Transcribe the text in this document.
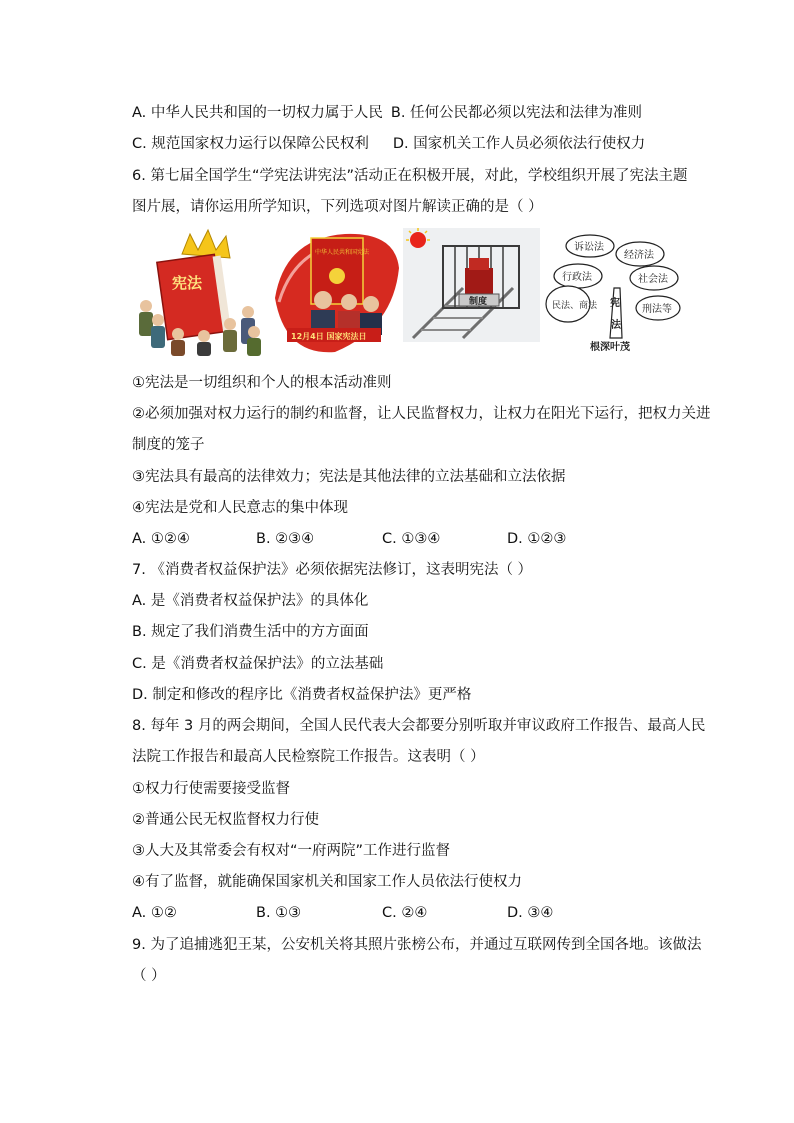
A. 中华人民共和国的一切权力属于人民 B. 任何公民都必须以宪法和法律为准则
C. 规范国家权力运行以保障公民权利 D. 国家机关工作人员必须依法行使权力
6. 第七届全国学生“学宪法讲宪法”活动正在积极开展，对此，学校组织开展了宪法主题
图片展，请你运用所学知识，下列选项对图片解读正确的是（ ）
宪法
中华人民共和国宪法
12月4日 国家宪法日
制度
诉讼法
经济法
行政法	社会法
民法、商法	刑法等
宪
法
根深叶茂
①宪法是一切组织和个人的根本活动准则
②必须加强对权力运行的制约和监督，让人民监督权力，让权力在阳光下运行，把权力关进
制度的笼子
③宪法具有最高的法律效力；宪法是其他法律的立法基础和立法依据
④宪法是党和人民意志的集中体现
A. ①②④	B. ②③④	C. ①③④	D. ①②③
7. 《消费者权益保护法》必须依据宪法修订，这表明宪法（ ）
A. 是《消费者权益保护法》的具体化
B. 规定了我们消费生活中的方方面面
C. 是《消费者权益保护法》的立法基础
D. 制定和修改的程序比《消费者权益保护法》更严格
8. 每年 3 月的两会期间，全国人民代表大会都要分别听取并审议政府工作报告、最高人民
法院工作报告和最高人民检察院工作报告。这表明（ ）
①权力行使需要接受监督
②普通公民无权监督权力行使
③人大及其常委会有权对“一府两院”工作进行监督
④有了监督，就能确保国家机关和国家工作人员依法行使权力
A. ①②	B. ①③	C. ②④	D. ③④
9. 为了追捕逃犯王某，公安机关将其照片张榜公布，并通过互联网传到全国各地。该做法
（ ）
